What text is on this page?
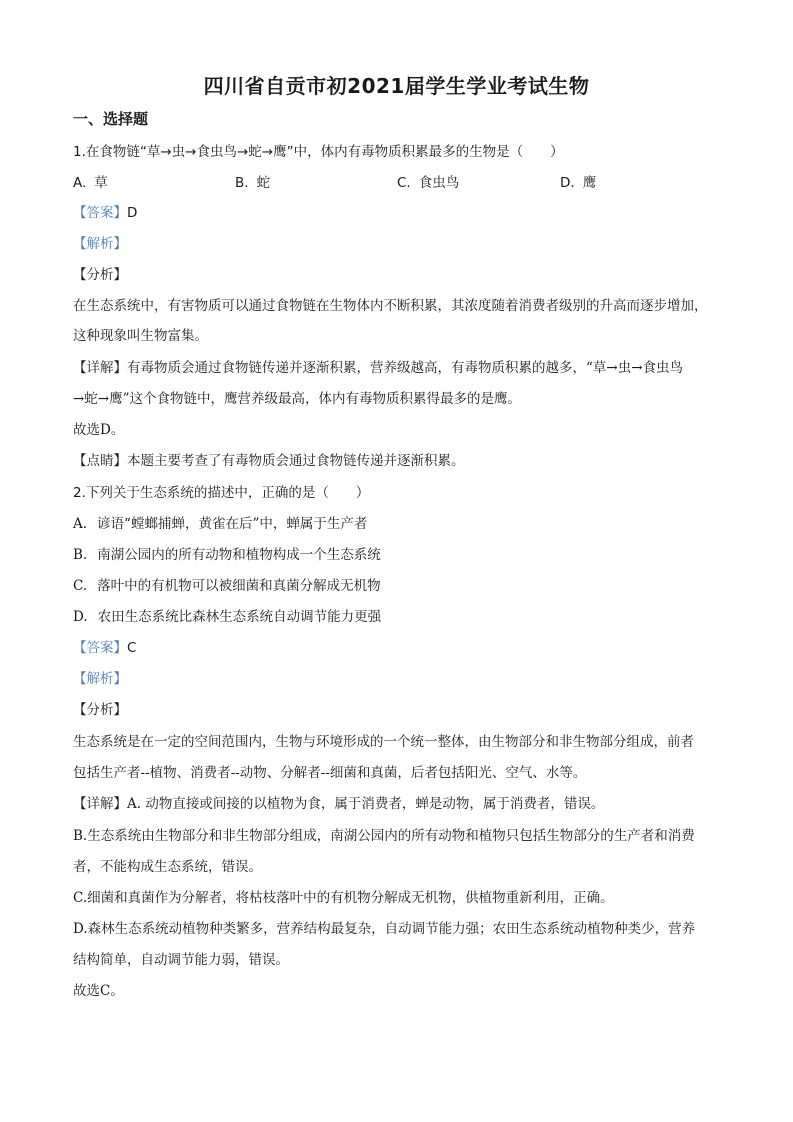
四川省自贡市初2021届学生学业考试生物
一、选择题
1.在食物链“草→虫→食虫鸟→蛇→鹰”中，体内有毒物质积累最多的生物是（　　）
A. 草	B. 蛇	C. 食虫鸟	D. 鹰
【答案】D
【解析】
【分析】
在生态系统中，有害物质可以通过食物链在生物体内不断积累，其浓度随着消费者级别的升高而逐步增加，
这种现象叫生物富集。
【详解】有毒物质会通过食物链传递并逐渐积累，营养级越高，有毒物质积累的越多，“草→虫→食虫鸟
→蛇→鹰”这个食物链中，鹰营养级最高，体内有毒物质积累得最多的是鹰。
故选D。
【点睛】本题主要考查了有毒物质会通过食物链传递并逐渐积累。
2.下列关于生态系统的描述中，正确的是（　　）
A. 谚语“螳螂捕蝉，黄雀在后”中，蝉属于生产者
B. 南湖公园内的所有动物和植物构成一个生态系统
C. 落叶中的有机物可以被细菌和真菌分解成无机物
D. 农田生态系统比森林生态系统自动调节能力更强
【答案】C
【解析】
【分析】
生态系统是在一定的空间范围内，生物与环境形成的一个统一整体，由生物部分和非生物部分组成，前者
包括生产者--植物、消费者--动物、分解者--细菌和真菌，后者包括阳光、空气、水等。
【详解】A. 动物直接或间接的以植物为食，属于消费者，蝉是动物，属于消费者，错误。
B.生态系统由生物部分和非生物部分组成，南湖公园内的所有动物和植物只包括生物部分的生产者和消费
者，不能构成生态系统，错误。
C.细菌和真菌作为分解者，将枯枝落叶中的有机物分解成无机物，供植物重新利用，正确。
D.森林生态系统动植物种类繁多，营养结构最复杂，自动调节能力强；农田生态系统动植物种类少，营养
结构简单，自动调节能力弱，错误。
故选C。
